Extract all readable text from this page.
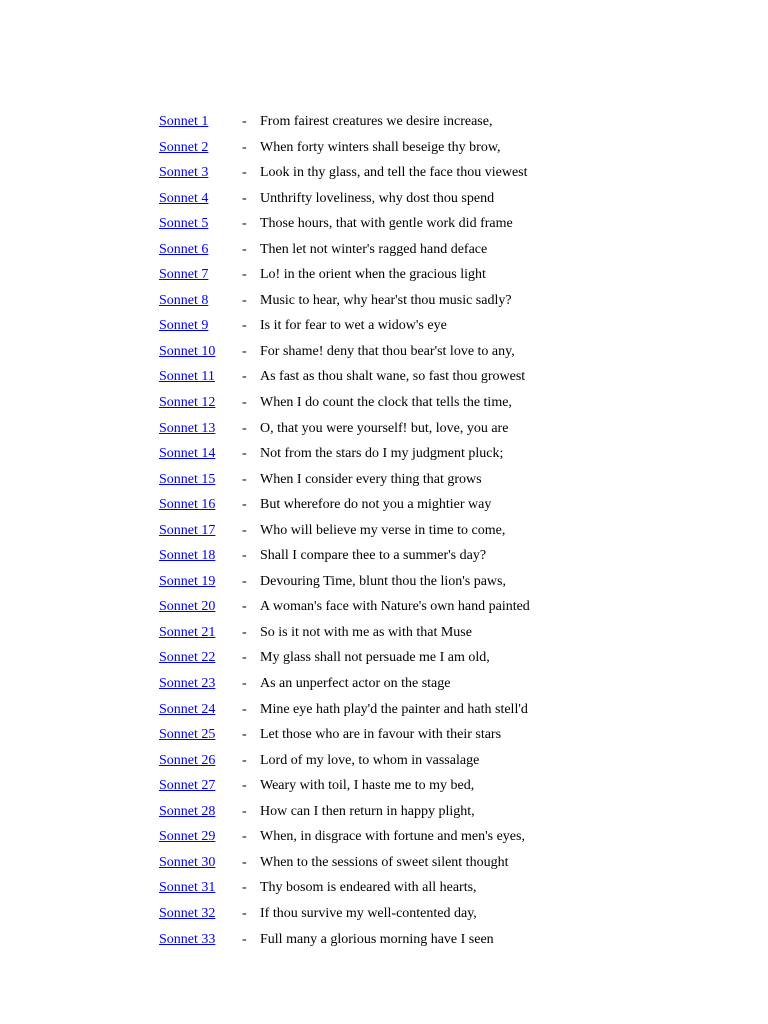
Sonnet 1 - From fairest creatures we desire increase,
Sonnet 2 - When forty winters shall beseige thy brow,
Sonnet 3 - Look in thy glass, and tell the face thou viewest
Sonnet 4 - Unthrifty loveliness, why dost thou spend
Sonnet 5 - Those hours, that with gentle work did frame
Sonnet 6 - Then let not winter's ragged hand deface
Sonnet 7 - Lo! in the orient when the gracious light
Sonnet 8 - Music to hear, why hear'st thou music sadly?
Sonnet 9 - Is it for fear to wet a widow's eye
Sonnet 10 - For shame! deny that thou bear'st love to any,
Sonnet 11 - As fast as thou shalt wane, so fast thou growest
Sonnet 12 - When I do count the clock that tells the time,
Sonnet 13 - O, that you were yourself! but, love, you are
Sonnet 14 - Not from the stars do I my judgment pluck;
Sonnet 15 - When I consider every thing that grows
Sonnet 16 - But wherefore do not you a mightier way
Sonnet 17 - Who will believe my verse in time to come,
Sonnet 18 - Shall I compare thee to a summer's day?
Sonnet 19 - Devouring Time, blunt thou the lion's paws,
Sonnet 20 - A woman's face with Nature's own hand painted
Sonnet 21 - So is it not with me as with that Muse
Sonnet 22 - My glass shall not persuade me I am old,
Sonnet 23 - As an unperfect actor on the stage
Sonnet 24 - Mine eye hath play'd the painter and hath stell'd
Sonnet 25 - Let those who are in favour with their stars
Sonnet 26 - Lord of my love, to whom in vassalage
Sonnet 27 - Weary with toil, I haste me to my bed,
Sonnet 28 - How can I then return in happy plight,
Sonnet 29 - When, in disgrace with fortune and men's eyes,
Sonnet 30 - When to the sessions of sweet silent thought
Sonnet 31 - Thy bosom is endeared with all hearts,
Sonnet 32 - If thou survive my well-contented day,
Sonnet 33 - Full many a glorious morning have I seen
